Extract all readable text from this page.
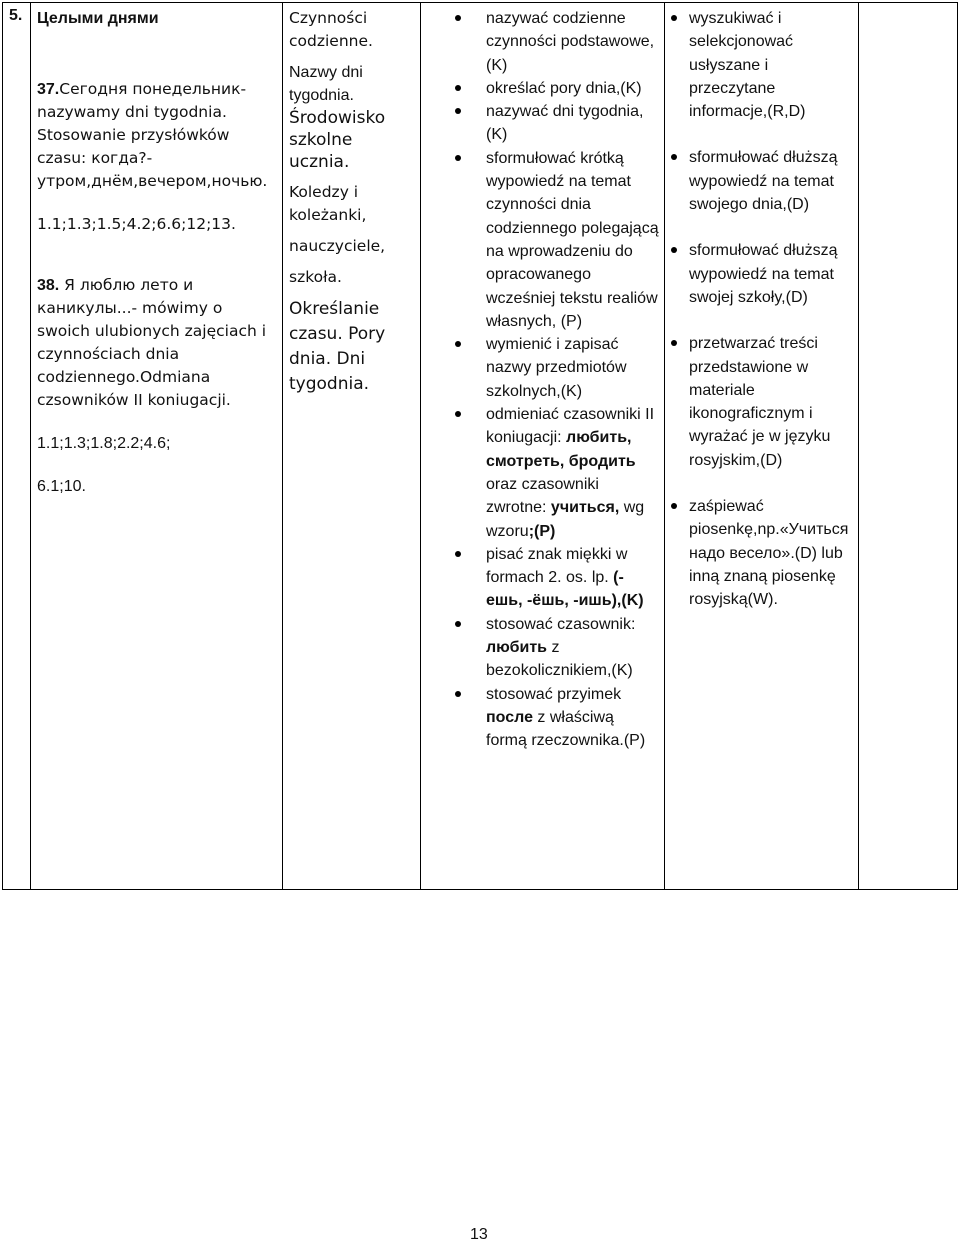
5. Целыми днями

37.Сегодня понедельник- nazywamy dni tygodnia. Stosowanie przysłówków czasu: когда?- утром,днём,вечером,ночью.

1.1;1.3;1.5;4.2;6.6;12;13.

38. Я люблю лето и каникулы...- mówimy o swoich ulubionych zajęciach i czynnościach dnia codziennego.Odmiana czsowników II koniugacji.

1.1;1.3;1.8;2.2;4.6;

6.1;10.

Czynności codzienne.

Nazwy dni tygodnia.

Środowisko szkolne ucznia.

Koledzy i koleżanki,

nauczyciele,

szkoła.

Określanie czasu. Pory dnia. Dni tygodnia.

nazywać codzienne czynności podstawowe,(K)
określać pory dnia,(K)
nazywać dni tygodnia,(K)
sformułować krótką wypowiedź na temat czynności dnia codziennego polegającą na wprowadzeniu do opracowanego wcześniej tekstu realiów własnych, (P)
wymienić i zapisać nazwy przedmiotów szkolnych,(K)
odmieniać czasowniki II koniugacji: любить, смотреть, бродить oraz czasowniki zwrotne: учиться, wg wzoru;(P)
pisać znak miękki w formach 2. os. lp. (-ешь, -ёшь, -ишь),(K)
stosować czasownik: любить z bezokolicznikiem,(K)
stosować przyimek после z właściwą formą rzeczownika.(P)
wyszukiwać i selekcjonować usłyszane i przeczytane informacje,(R,D)
sformułować dłuższą wypowiedź na temat swojego dnia,(D)
sformułować dłuższą wypowiedź na temat swojej szkoły,(D)
przetwarzać treści przedstawione w materiale ikonograficznym i wyrażać je w języku rosyjskim,(D)
zaśpiewać piosenkę,np.«Учиться надо весело».(D) lub inną znaną piosenkę rosyjską(W).
13
